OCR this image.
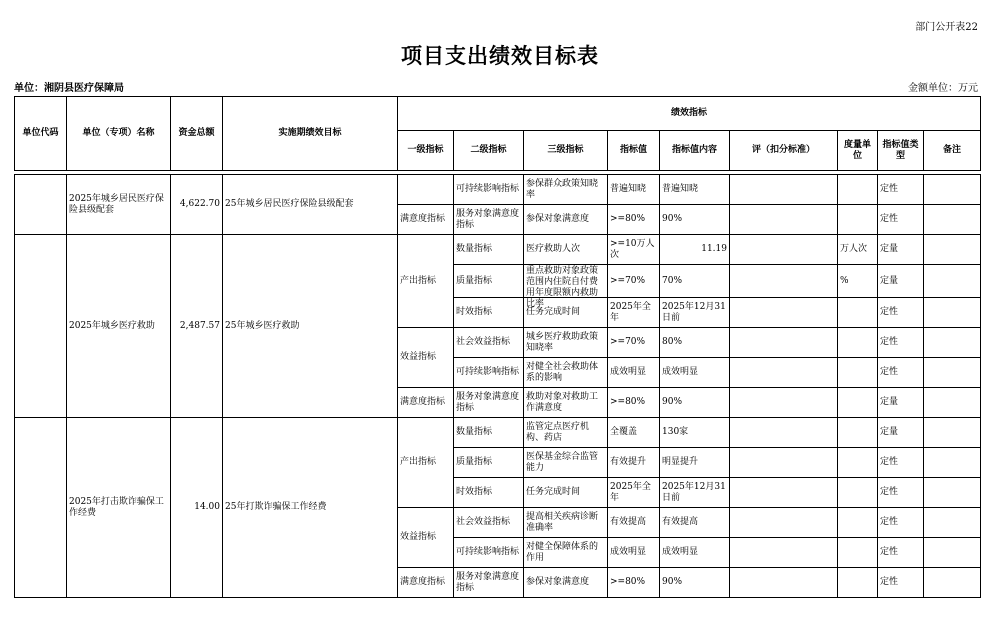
部门公开表22
项目支出绩效目标表
单位：湘阴县医疗保障局	金额单位：万元
单位代码	单位（专项）名称	资金总额	实施期绩效目标	绩效指标								
				一级指标	二级指标	三级指标	指标值	指标值内容	评（扣分标准）	度量单位	指标值类型	备注

	2025年城乡居民医疗保险县级配套	4,622.70	25年城乡居民医疗保险县级配套		可持续影响指标	参保群众政策知晓率	普遍知晓	普遍知晓			定性	
				满意度指标	服务对象满意度指标	参保对象满意度	>=80%	90%			定性	
	2025年城乡医疗救助	2,487.57	25年城乡医疗救助	产出指标	数量指标	医疗救助人次	>=10万人次	11.19		万人次	定量	
					质量指标	重点救助对象政策范围内住院自付费用年度限额内救助比率	>=70%	70%		%	定量	
					时效指标	任务完成时间	2025年全年	2025年12月31日前			定性	
				效益指标	社会效益指标	城乡医疗救助政策知晓率	>=70%	80%			定性	
					可持续影响指标	对健全社会救助体系的影响	成效明显	成效明显			定性	
				满意度指标	服务对象满意度指标	救助对象对救助工作满意度	>=80%	90%			定量	
	2025年打击欺诈骗保工作经费	14.00	25年打欺诈骗保工作经费	产出指标	数量指标	监管定点医疗机构、药店	全覆盖	130家			定量	
					质量指标	医保基金综合监管能力	有效提升	明显提升			定性	
					时效指标	任务完成时间	2025年全年	2025年12月31日前			定性	
				效益指标	社会效益指标	提高相关疾病诊断准确率	有效提高	有效提高			定性	
					可持续影响指标	对健全保障体系的作用	成效明显	成效明显			定性	
				满意度指标	服务对象满意度指标	参保对象满意度	>=80%	90%			定性	
